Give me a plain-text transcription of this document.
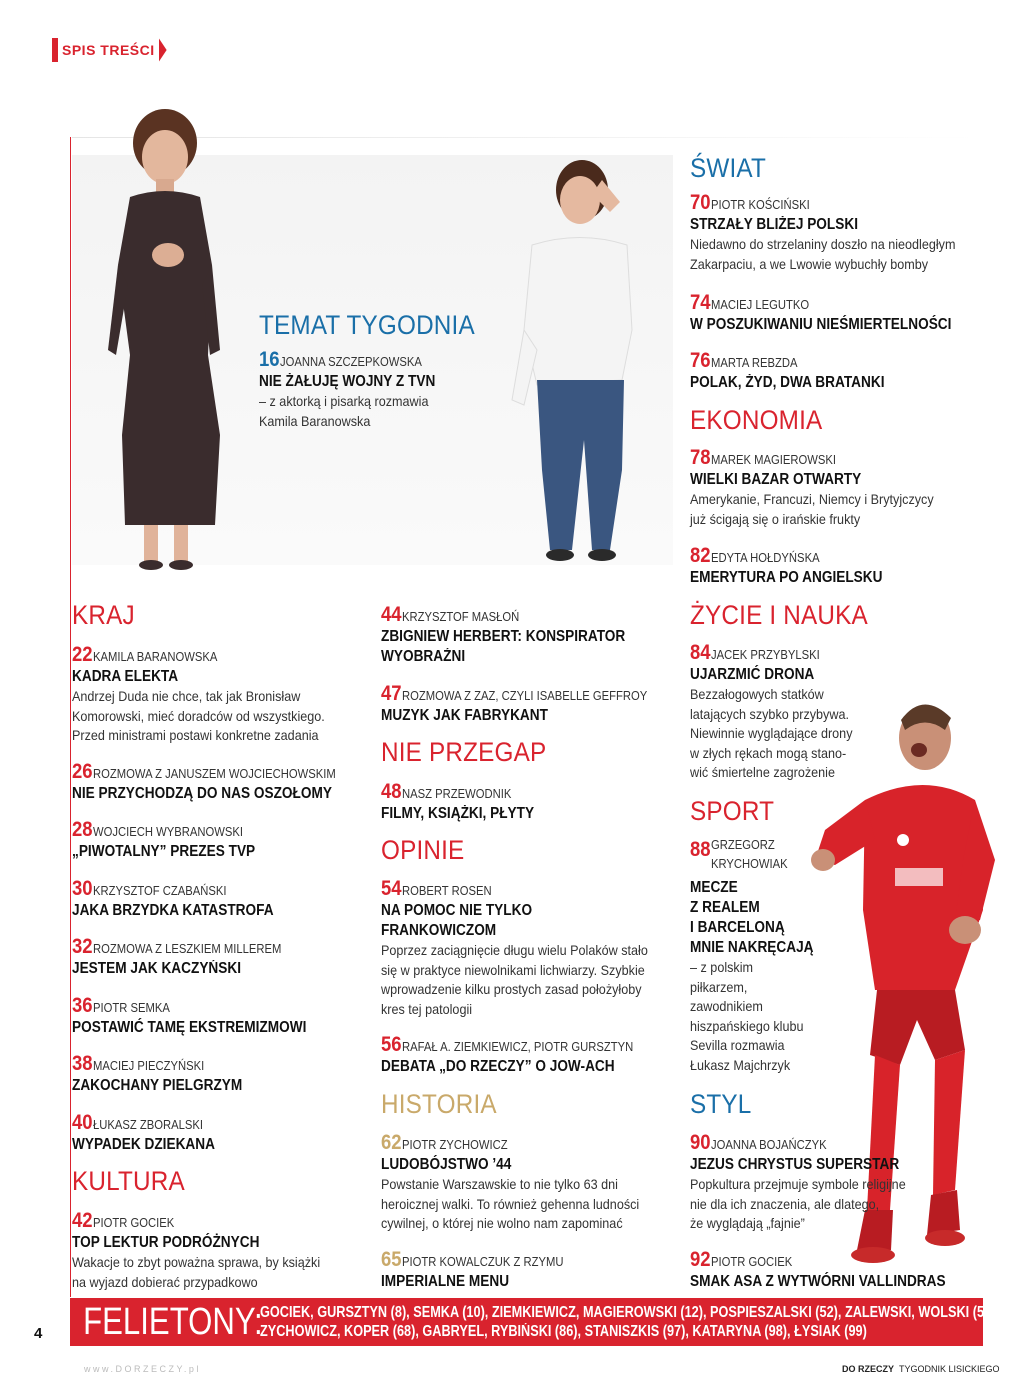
SPIS TREŚCI
TEMAT TYGODNIA
16 JOANNA SZCZEPKOWSKA
NIE ŻAŁUJĘ WOJNY Z TVN
– z aktorką i pisarką rozmawia
Kamila Baranowska
KRAJ
22 KAMILA BARANOWSKA
KADRA ELEKTA
Andrzej Duda nie chce, tak jak Bronisław
Komorowski, mieć doradców od wszystkiego.
Przed ministrami postawi konkretne zadania
26 ROZMOWA Z JANUSZEM WOJCIECHOWSKIM
NIE PRZYCHODZĄ DO NAS OSZOŁOMY
28 WOJCIECH WYBRANOWSKI
„PIWOTALNY” PREZES TVP
30 KRZYSZTOF CZABAŃSKI
JAKA BRZYDKA KATASTROFA
32 ROZMOWA Z LESZKIEM MILLEREM
JESTEM JAK KACZYŃSKI
36 PIOTR SEMKA
POSTAWIĆ TAMĘ EKSTREMIZMOWI
38 MACIEJ PIECZYŃSKI
ZAKOCHANY PIELGRZYM
40 ŁUKASZ ZBORALSKI
WYPADEK DZIEKANA
KULTURA
42 PIOTR GOCIEK
TOP LEKTUR PODRÓŻNYCH
Wakacje to zbyt poważna sprawa, by książki
na wyjazd dobierać przypadkowo
44 KRZYSZTOF MASŁOŃ
ZBIGNIEW HERBERT: KONSPIRATOR
WYOBRAŹNI
47 ROZMOWA Z ZAZ, CZYLI ISABELLE GEFFROY
MUZYK JAK FABRYKANT
NIE PRZEGAP
48 NASZ PRZEWODNIK
FILMY, KSIĄŻKI, PŁYTY
OPINIE
54 ROBERT ROSEN
NA POMOC NIE TYLKO
FRANKOWICZOM
Poprzez zaciągnięcie długu wielu Polaków stało
się w praktyce niewolnikami lichwiarzy. Szybkie
wprowadzenie kilku prostych zasad położyłoby
kres tej patologii
56 RAFAŁ A. ZIEMKIEWICZ, PIOTR GURSZTYN
DEBATA „DO RZECZY” O JOW-ACH
HISTORIA
62 PIOTR ZYCHOWICZ
LUDOBÓJSTWO ’44
Powstanie Warszawskie to nie tylko 63 dni
heroicznej walki. To również gehenna ludności
cywilnej, o której nie wolno nam zapominać
65 PIOTR KOWALCZUK Z RZYMU
IMPERIALNE MENU
ŚWIAT
70 PIOTR KOŚCIŃSKI
STRZAŁY BLIŻEJ POLSKI
Niedawno do strzelaniny doszło na nieodległym
Zakarpaciu, a we Lwowie wybuchły bomby
74 MACIEJ LEGUTKO
W POSZUKIWANIU NIEŚMIERTELNOŚCI
76 MARTA REBZDA
POLAK, ŻYD, DWA BRATANKI
EKONOMIA
78 MAREK MAGIEROWSKI
WIELKI BAZAR OTWARTY
Amerykanie, Francuzi, Niemcy i Brytyjczycy
już ścigają się o irańskie frukty
82 EDYTA HOŁDYŃSKA
EMERYTURA PO ANGIELSKU
ŻYCIE I NAUKA
84 JACEK PRZYBYLSKI
UJARZMIĆ DRONA
Bezzałogowych statków
latających szybko przybywa.
Niewinnie wyglądające drony
w złych rękach mogą stano-
wić śmiertelne zagrożenie
SPORT
88 GRZEGORZ
KRYCHOWIAK
MECZE
Z REALEM
I BARCELONĄ
MNIE NAKRĘCAJĄ
– z polskim
piłkarzem,
zawodnikiem
hiszpańskiego klubu
Sevilla rozmawia
Łukasz Majchrzyk
STYL
90 JOANNA BOJAŃCZYK
JEZUS CHRYSTUS SUPERSTAR
Popkultura przejmuje symbole religijne
nie dla ich znaczenia, ale dlatego,
że wyglądają „fajnie”
92 PIOTR GOCIEK
SMAK ASA Z WYTWÓRNI VALLINDRAS
FELIETONY:
GOCIEK, GURSZTYN (8), SEMKA (10), ZIEMKIEWICZ, MAGIEROWSKI (12), POSPIESZALSKI (52), ZALEWSKI, WOLSKI (53),
ZYCHOWICZ, KOPER (68), GABRYEL, RYBIŃSKI (86), STANISZKIS (97), KATARYNA (98), ŁYSIAK (99)
4
www.DORZECZY.pl	DO RZECZY TYGODNIK LISICKIEGO
